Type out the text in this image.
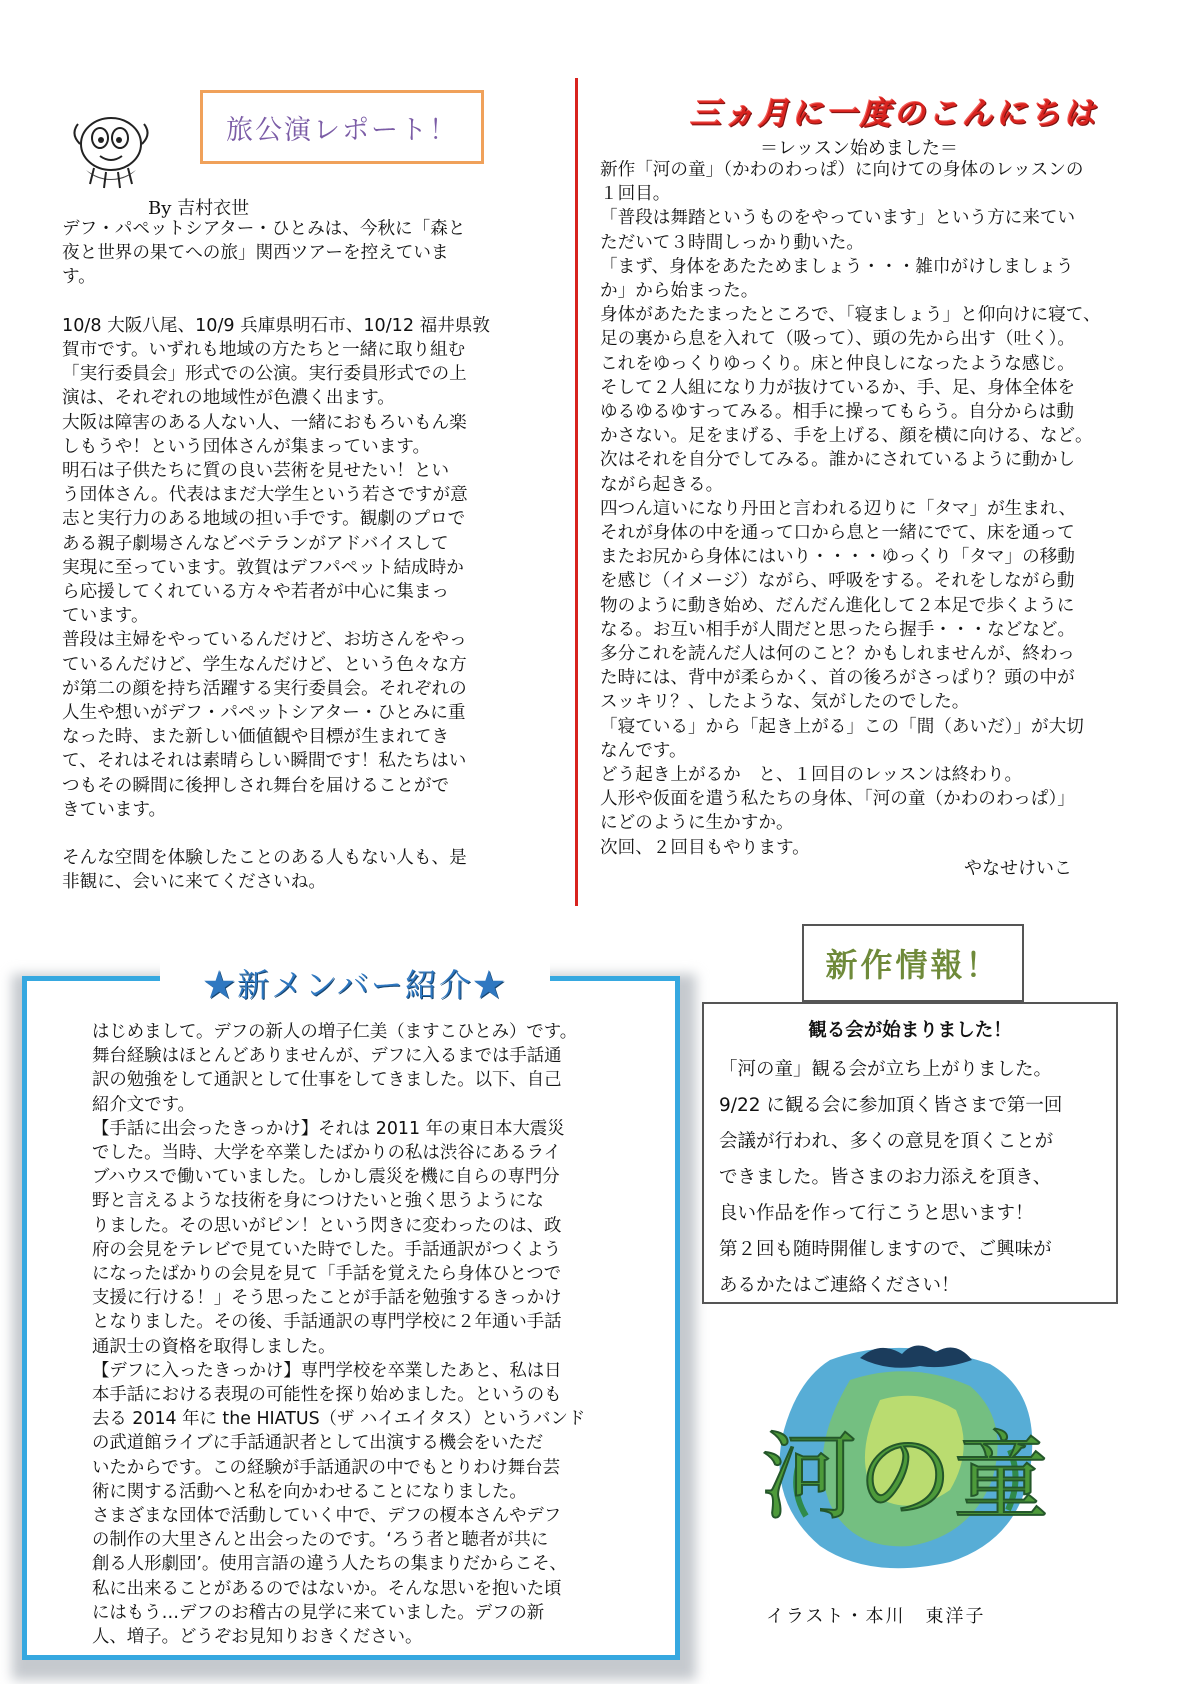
旅公演レポート！
By 吉村衣世

デフ・パペットシアター・ひとみは、今秋に「森と
夜と世界の果てへの旅」関西ツアーを控えていま
す。

10/8 大阪八尾、10/9 兵庫県明石市、10/12 福井県敦
賀市です。いずれも地域の方たちと一緒に取り組む
「実行委員会」形式での公演。実行委員形式での上
演は、それぞれの地域性が色濃く出ます。
大阪は障害のある人ない人、一緒におもろいもん楽
しもうや！という団体さんが集まっています。
明石は子供たちに質の良い芸術を見せたい！とい
う団体さん。代表はまだ大学生という若さですが意
志と実行力のある地域の担い手です。観劇のプロで
ある親子劇場さんなどベテランがアドバイスして
実現に至っています。敦賀はデフパペット結成時か
ら応援してくれている方々や若者が中心に集まっ
ています。
普段は主婦をやっているんだけど、お坊さんをやっ
ているんだけど、学生なんだけど、という色々な方
が第二の顔を持ち活躍する実行委員会。それぞれの
人生や想いがデフ・パペットシアター・ひとみに重
なった時、また新しい価値観や目標が生まれてき
て、それはそれは素晴らしい瞬間です！私たちはい
つもその瞬間に後押しされ舞台を届けることがで
きています。

そんな空間を体験したことのある人もない人も、是
非観に、会いに来てくださいね。

三ヵ月に一度のこんにちは
＝レッスン始めました＝

新作「河の童」（かわのわっぱ）に向けての身体のレッスンの
１回目。
「普段は舞踏というものをやっています」という方に来てい
ただいて３時間しっかり動いた。
「まず、身体をあたためましょう・・・雑巾がけしましょう
か」から始まった。
身体があたたまったところで、「寝ましょう」と仰向けに寝て、
足の裏から息を入れて（吸って）、頭の先から出す（吐く）。
これをゆっくりゆっくり。床と仲良しになったような感じ。
そして２人組になり力が抜けているか、手、足、身体全体を
ゆるゆるゆすってみる。相手に操ってもらう。自分からは動
かさない。足をまげる、手を上げる、顔を横に向ける、など。
次はそれを自分でしてみる。誰かにされているように動かし
ながら起きる。
四つん這いになり丹田と言われる辺りに「タマ」が生まれ、
それが身体の中を通って口から息と一緒にでて、床を通って
またお尻から身体にはいり・・・・ゆっくり「タマ」の移動
を感じ（イメージ）ながら、呼吸をする。それをしながら動
物のように動き始め、だんだん進化して２本足で歩くように
なる。お互い相手が人間だと思ったら握手・・・などなど。
多分これを読んだ人は何のこと？かもしれませんが、終わっ
た時には、背中が柔らかく、首の後ろがさっぱり？頭の中が
スッキリ？、したような、気がしたのでした。
「寝ている」から「起き上がる」この「間（あいだ）」が大切
なんです。
どう起き上がるか　と、１回目のレッスンは終わり。
人形や仮面を遣う私たちの身体、「河の童（かわのわっぱ）」
にどのように生かすか。
次回、２回目もやります。

やなせけいこ
★新メンバー紹介★

はじめまして。デフの新人の増子仁美（ますこひとみ）です。
舞台経験はほとんどありませんが、デフに入るまでは手話通
訳の勉強をして通訳として仕事をしてきました。以下、自己
紹介文です。
【手話に出会ったきっかけ】それは 2011 年の東日本大震災
でした。当時、大学を卒業したばかりの私は渋谷にあるライ
ブハウスで働いていました。しかし震災を機に自らの専門分
野と言えるような技術を身につけたいと強く思うようにな
りました。その思いがピン！という閃きに変わったのは、政
府の会見をテレビで見ていた時でした。手話通訳がつくよう
になったばかりの会見を見て「手話を覚えたら身体ひとつで
支援に行ける！」そう思ったことが手話を勉強するきっかけ
となりました。その後、手話通訳の専門学校に２年通い手話
通訳士の資格を取得しました。
【デフに入ったきっかけ】専門学校を卒業したあと、私は日
本手話における表現の可能性を探り始めました。というのも
去る 2014 年に the HIATUS（ザ ハイエイタス）というバンド
の武道館ライブに手話通訳者として出演する機会をいただ
いたからです。この経験が手話通訳の中でもとりわけ舞台芸
術に関する活動へと私を向かわせることになりました。
さまざまな団体で活動していく中で、デフの榎本さんやデフ
の制作の大里さんと出会ったのです。‘ろう者と聴者が共に
創る人形劇団’。使用言語の違う人たちの集まりだからこそ、
私に出来ることがあるのではないか。そんな思いを抱いた頃
にはもう…デフのお稽古の見学に来ていました。デフの新
人、増子。どうぞお見知りおきください。

新作情報！
観る会が始まりました！

「河の童」観る会が立ち上がりました。
9/22 に観る会に参加頂く皆さまで第一回
会議が行われ、多くの意見を頂くことが
できました。皆さまのお力添えを頂き、
良い作品を作って行こうと思います！
第２回も随時開催しますので、ご興味が
あるかたはご連絡ください！

河の童
イラスト・本川　東洋子
